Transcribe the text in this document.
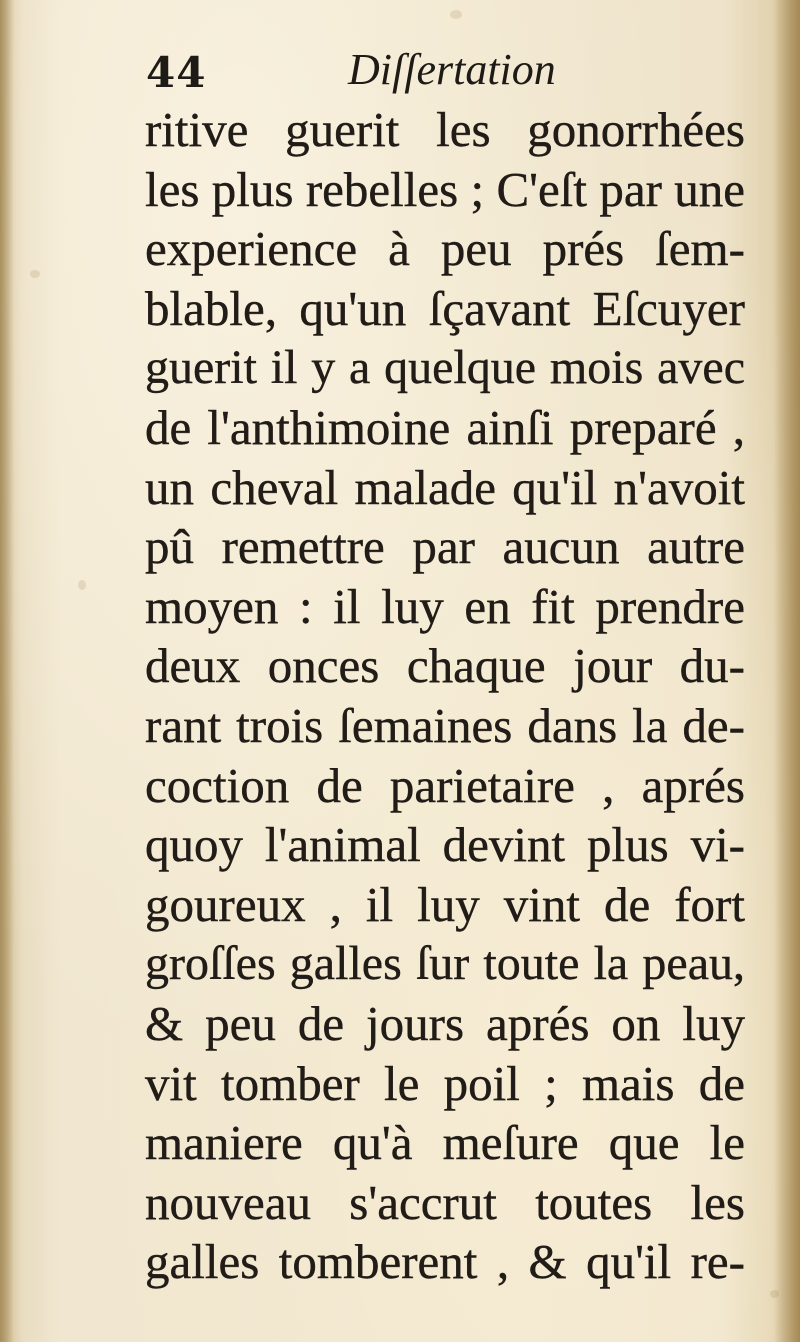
44	Diſſertation
ritive guerit les gonorrhées
les plus rebelles ; C'eſt par une
experience à peu prés ſem-
blable, qu'un ſçavant Eſcuyer
guerit il y a quelque mois avec
de l'anthimoine ainſi preparé ,
un cheval malade qu'il n'avoit
pû remettre par aucun autre
moyen : il luy en fit prendre
deux onces chaque jour du-
rant trois ſemaines dans la de-
coction de parietaire , aprés
quoy l'animal devint plus vi-
goureux , il luy vint de fort
groſſes galles ſur toute la peau,
& peu de jours aprés on luy
vit tomber le poil ; mais de
maniere qu'à meſure que le
nouveau s'accrut toutes les
galles tomberent , & qu'il re-
